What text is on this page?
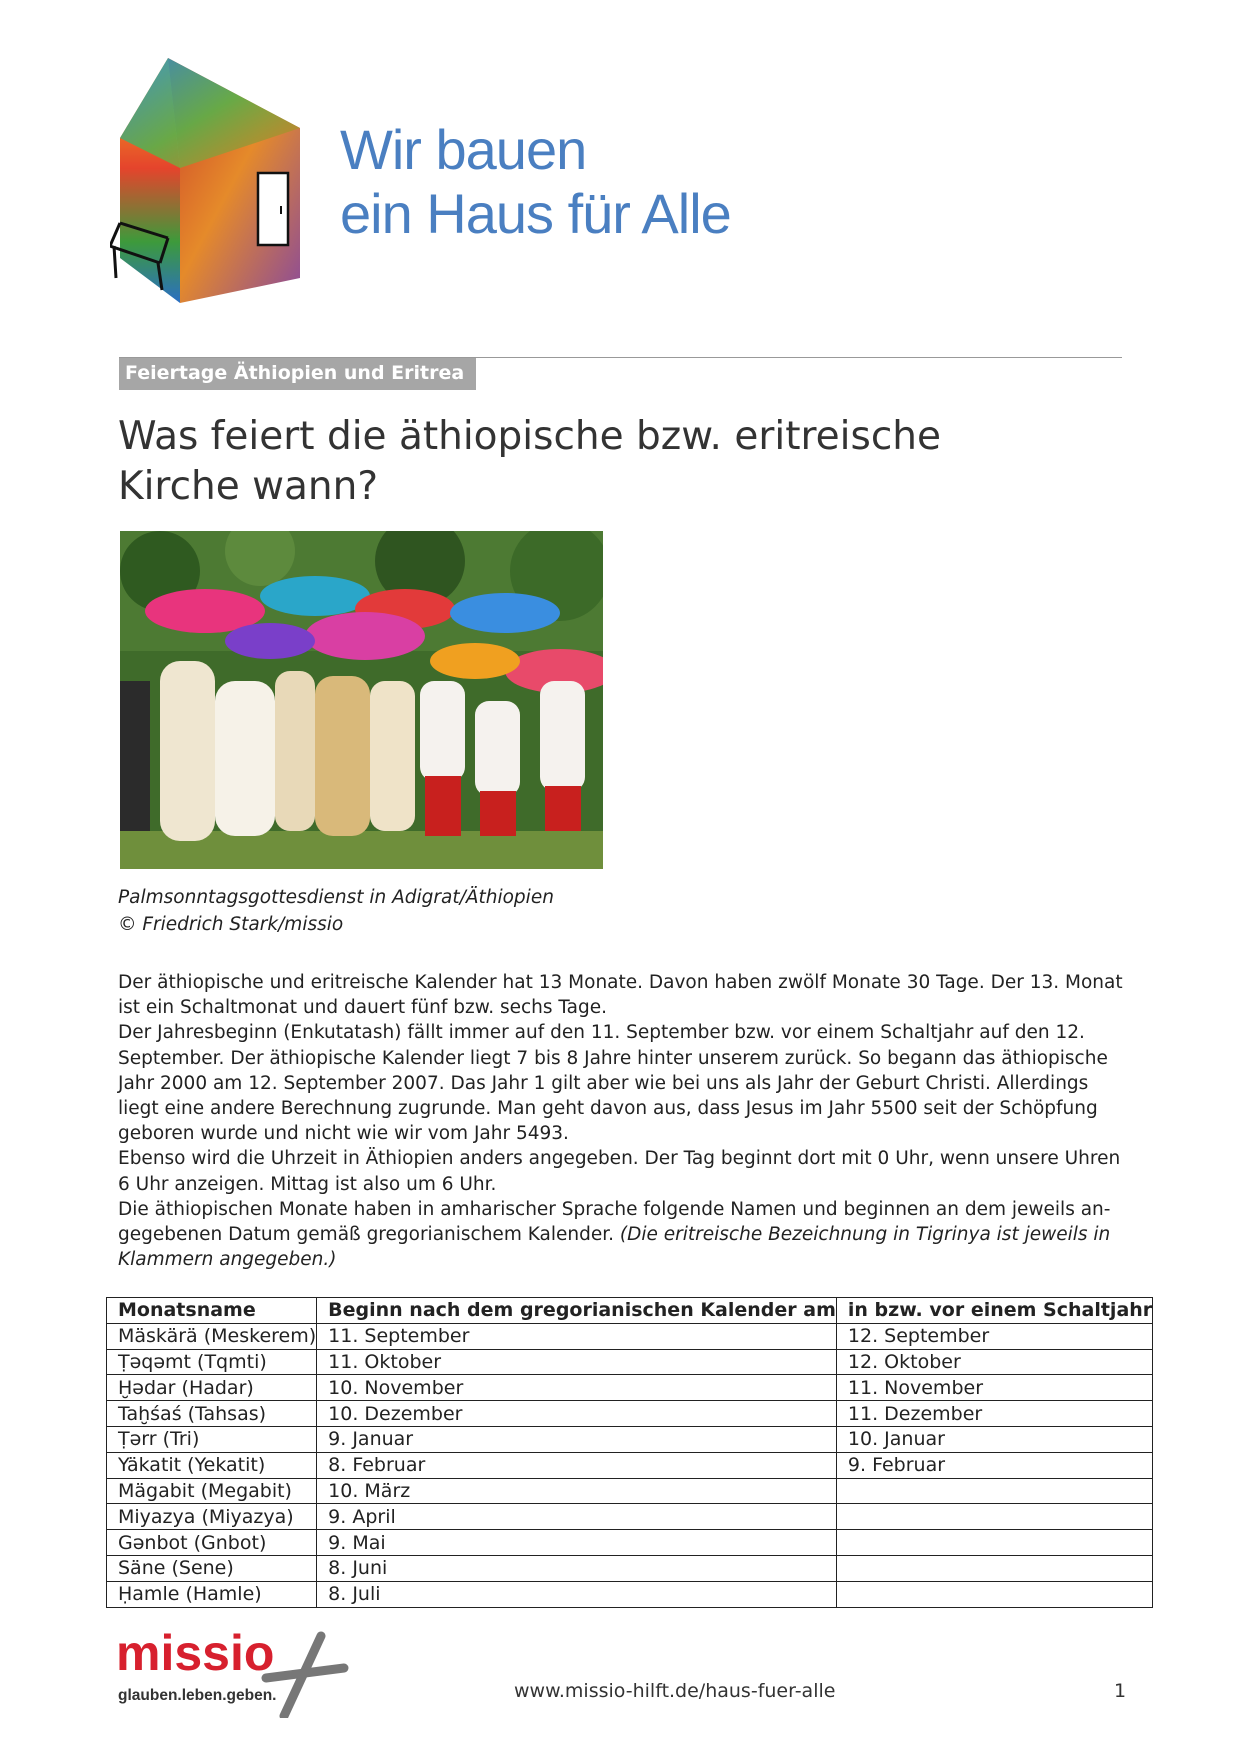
Wir bauen
ein Haus für Alle
Feiertage Äthiopien und Eritrea
Was feiert die äthiopische bzw. eritreische
Kirche wann?
Palmsonntagsgottesdienst in Adigrat/Äthiopien
© Friedrich Stark/missio

Der äthiopische und eritreische Kalender hat 13 Monate. Davon haben zwölf Monate 30 Tage. Der 13. Monat ist ein Schaltmonat und dauert fünf bzw. sechs Tage.

Der Jahresbeginn (Enkutatash) fällt immer auf den 11. September bzw. vor einem Schaltjahr auf den 12. September. Der äthiopische Kalender liegt 7 bis 8 Jahre hinter unserem zurück. So begann das äthiopische Jahr 2000 am 12. September 2007. Das Jahr 1 gilt aber wie bei uns als Jahr der Geburt Christi. Allerdings liegt eine andere Berechnung zugrunde. Man geht davon aus, dass Jesus im Jahr 5500 seit der Schöpfung geboren wurde und nicht wie wir vom Jahr 5493.

Ebenso wird die Uhrzeit in Äthiopien anders angegeben. Der Tag beginnt dort mit 0 Uhr, wenn unsere Uhren 6 Uhr anzeigen. Mittag ist also um 6 Uhr.

Die äthiopischen Monate haben in amharischer Sprache folgende Namen und beginnen an dem jeweils an-gegebenen Datum gemäß gregorianischem Kalender. (Die eritreische Bezeichnung in Tigrinya ist jeweils in Klammern angegeben.)

Monatsname	Beginn nach dem gregorianischen Kalender am	in bzw. vor einem Schaltjahr
Mäskärä (Meskerem)	11. September	12. September
Ṭəqəmt (Tqmti)	11. Oktober	12. Oktober
Ḫədar (Hadar)	10. November	11. November
Taḫśaś (Tahsas)	10. Dezember	11. Dezember
Ṭərr (Tri)	9. Januar	10. Januar
Yäkatit (Yekatit)	8. Februar	9. Februar
Mägabit (Megabit)	10. März	
Miyazya (Miyazya)	9. April	
Gənbot (Gnbot)	9. Mai	
Säne (Sene)	8. Juni	
Ḥamle (Hamle)	8. Juli	
missio
glauben.leben.geben.	www.missio-hilft.de/haus-fuer-alle	1
